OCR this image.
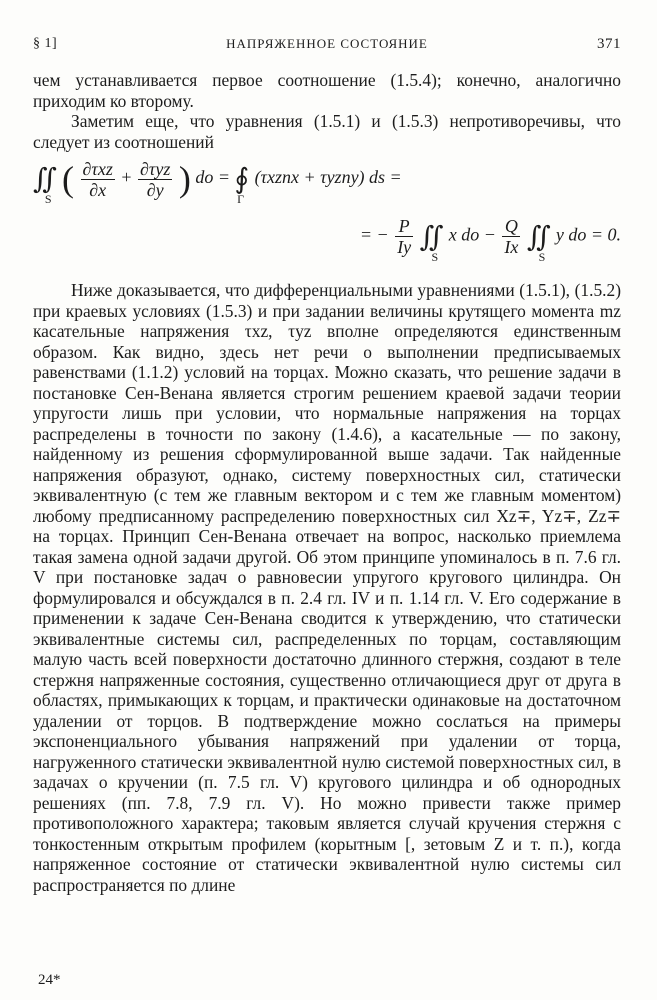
§ 1]	НАПРЯЖЕННОЕ СОСТОЯНИЕ	371

чем устанавливается первое соотношение (1.5.4); конечно, аналогично приходим ко второму.

Заметим еще, что уравнения (1.5.1) и (1.5.3) непротиворечивы, что следует из соотношений

$∬_S$ ( $\frac{\text{∂τxz}}{\partial x} + \frac{\text{∂τyz}}{\partial y}$ ) do = $∮_\Gamma$ (τxznx + τyzny) ds =
= − $\frac{P}{Iy}$ $∬_S$ x do − $\frac{Q}{Ix}$ $∬_S$ y do = 0.

Ниже доказывается, что дифференциальными уравнениями (1.5.1), (1.5.2) при краевых условиях (1.5.3) и при задании величины крутящего момента mz касательные напряжения τxz, τyz вполне определяются единственным образом. Как видно, здесь нет речи о выполнении предписываемых равенствами (1.1.2) условий на торцах. Можно сказать, что решение задачи в постановке Сен-Венана является строгим решением краевой задачи теории упругости лишь при условии, что нормальные напряжения на торцах распределены в точности по закону (1.4.6), а касательные — по закону, найденному из решения сформулированной выше задачи. Так найденные напряжения образуют, однако, систему поверхностных сил, статически эквивалентную (с тем же главным вектором и с тем же главным моментом) любому предписанному распределению поверхностных сил Xz∓, Yz∓, Zz∓ на торцах. Принцип Сен-Венана отвечает на вопрос, насколько приемлема такая замена одной задачи другой. Об этом принципе упоминалось в п. 7.6 гл. V при постановке задач о равновесии упругого кругового цилиндра. Он формулировался и обсуждался в п. 2.4 гл. IV и п. 1.14 гл. V. Его содержание в применении к задаче Сен-Венана сводится к утверждению, что статически эквивалентные системы сил, распределенных по торцам, составляющим малую часть всей поверхности достаточно длинного стержня, создают в теле стержня напряженные состояния, существенно отличающиеся друг от друга в областях, примыкающих к торцам, и практически одинаковые на достаточном удалении от торцов. В подтверждение можно сослаться на примеры экспоненциального убывания напряжений при удалении от торца, нагруженного статически эквивалентной нулю системой поверхностных сил, в задачах о кручении (п. 7.5 гл. V) кругового цилиндра и об однородных решениях (пп. 7.8, 7.9 гл. V). Но можно привести также пример противоположного характера; таковым является случай кручения стержня с тонкостенным открытым профилем (корытным [, зетовым Z и т. п.), когда напряженное состояние от статически эквивалентной нулю системы сил распространяется по длине

24*
